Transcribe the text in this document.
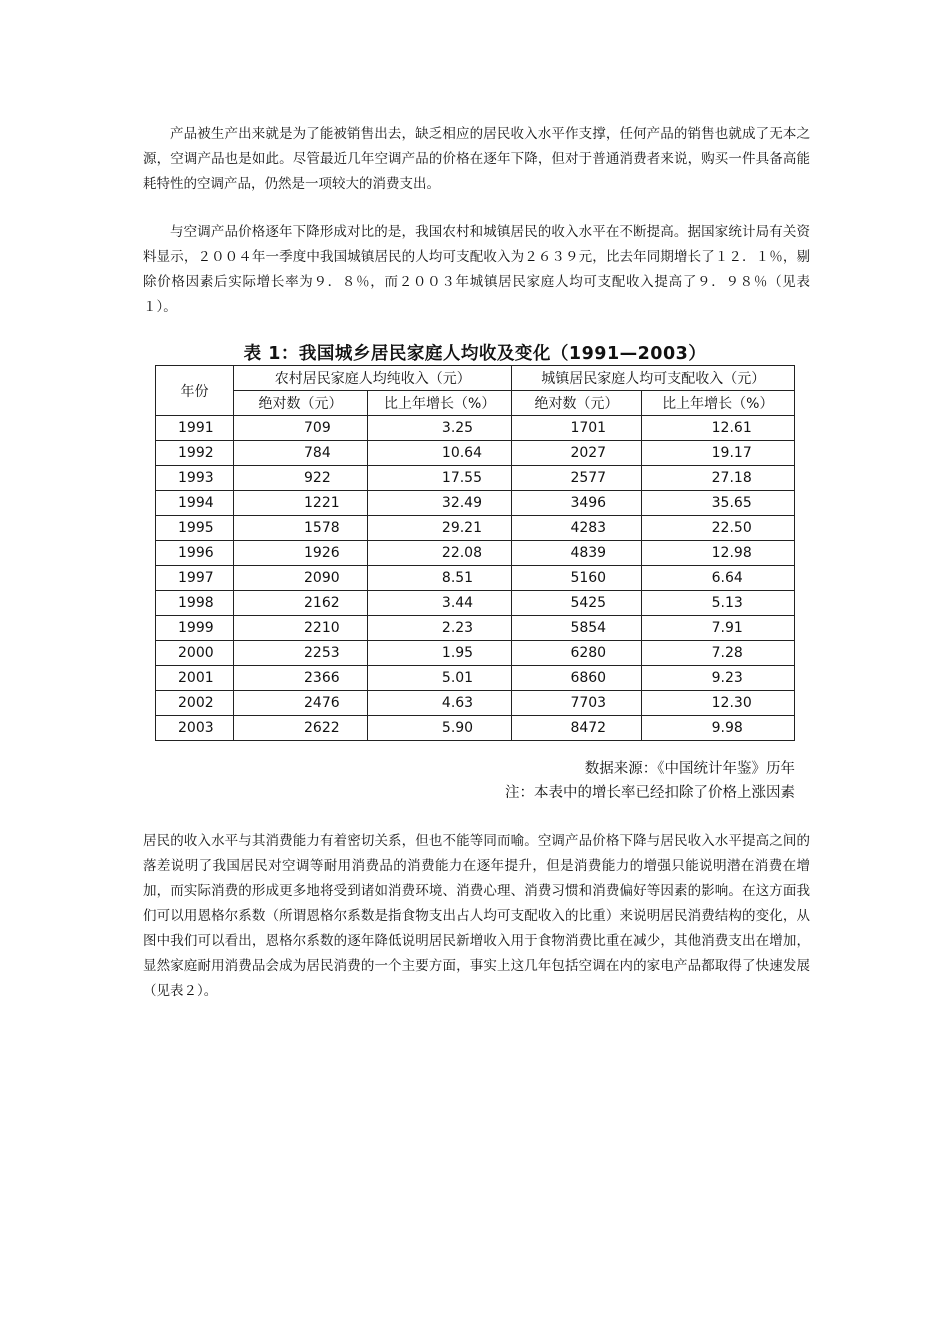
产品被生产出来就是为了能被销售出去，缺乏相应的居民收入水平作支撑，任何产品的销售也就成了无本之源，空调产品也是如此。尽管最近几年空调产品的价格在逐年下降，但对于普通消费者来说，购买一件具备高能耗特性的空调产品，仍然是一项较大的消费支出。

与空调产品价格逐年下降形成对比的是，我国农村和城镇居民的收入水平在不断提高。据国家统计局有关资料显示，２００４年一季度中我国城镇居民的人均可支配收入为２６３９元，比去年同期增长了１２．１％，剔除价格因素后实际增长率为９．８％，而２００３年城镇居民家庭人均可支配收入提高了９．９８％（见表１）。

表 1：我国城乡居民家庭人均收及变化（1991—2003）

年份	农村居民家庭人均纯收入（元）		城镇居民家庭人均可支配收入（元）	
	绝对数（元）	比上年增长（%）	绝对数（元）	比上年增长（%）
1991	709	3.25	1701	12.61
1992	784	10.64	2027	19.17
1993	922	17.55	2577	27.18
1994	1221	32.49	3496	35.65
1995	1578	29.21	4283	22.50
1996	1926	22.08	4839	12.98
1997	2090	8.51	5160	6.64
1998	2162	3.44	5425	5.13
1999	2210	2.23	5854	7.91
2000	2253	1.95	6280	7.28
2001	2366	5.01	6860	9.23
2002	2476	4.63	7703	12.30
2003	2622	5.90	8472	9.98

数据来源：《中国统计年鉴》历年

注：本表中的增长率已经扣除了价格上涨因素

居民的收入水平与其消费能力有着密切关系，但也不能等同而喻。空调产品价格下降与居民收入水平提高之间的落差说明了我国居民对空调等耐用消费品的消费能力在逐年提升，但是消费能力的增强只能说明潜在消费在增加，而实际消费的形成更多地将受到诸如消费环境、消费心理、消费习惯和消费偏好等因素的影响。在这方面我们可以用恩格尔系数（所谓恩格尔系数是指食物支出占人均可支配收入的比重）来说明居民消费结构的变化，从图中我们可以看出，恩格尔系数的逐年降低说明居民新增收入用于食物消费比重在减少，其他消费支出在增加，显然家庭耐用消费品会成为居民消费的一个主要方面，事实上这几年包括空调在内的家电产品都取得了快速发展（见表２）。
